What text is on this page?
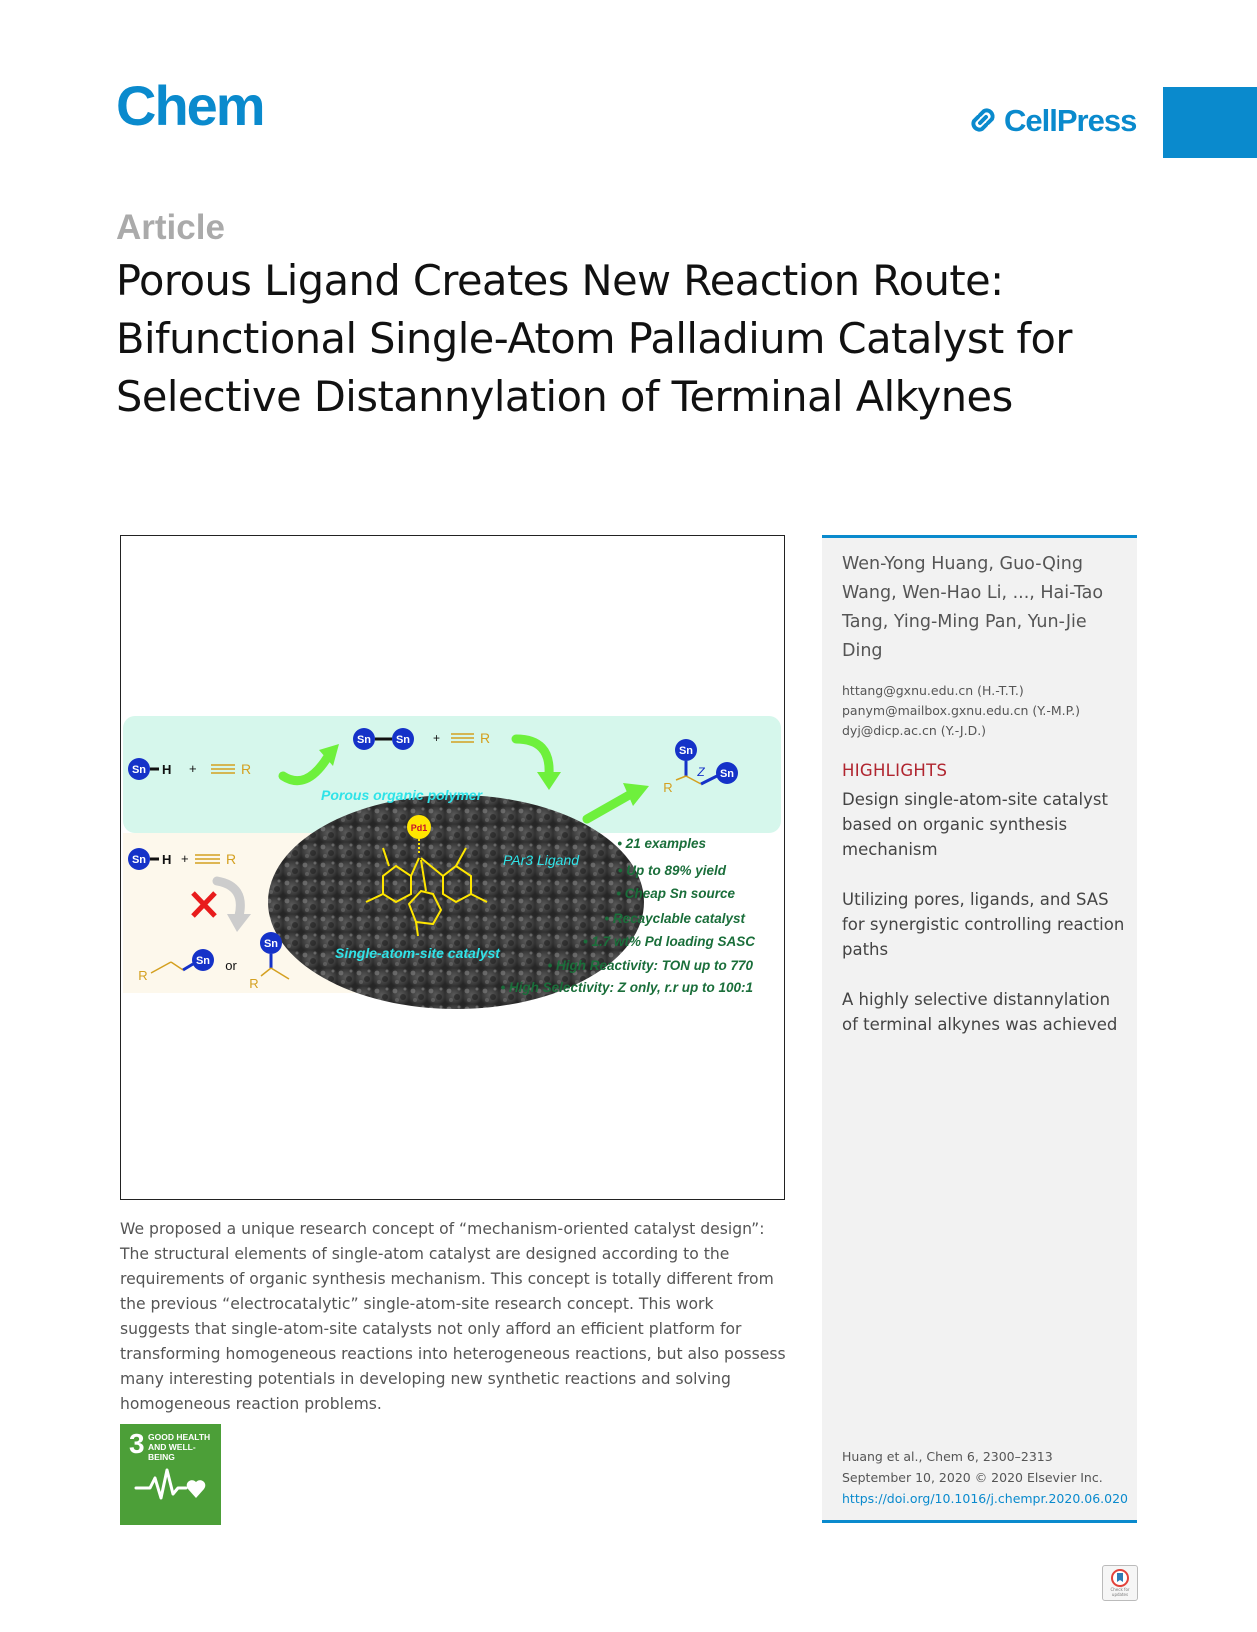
Chem	CellPress
Article
Porous Ligand Creates New Reaction Route: Bifunctional Single-Atom Palladium Catalyst for Selective Distannylation of Terminal Alkynes
Sn H +	R
Sn Sn +	R
Sn
Sn
R
Z
Sn H +	R
R
Sn or
Sn
R
Pd1
Porous organic polymer
PAr3 Ligand
Single-atom-site catalyst
• 21 examples
• Up to 89% yield
• Cheap Sn source
• Recayclable catalyst
• 1.7 wt% Pd loading SASC
• High Reactivity: TON up to 770
• High Selectivity: Z only, r.r up to 100:1

Wen-Yong Huang, Guo-Qing Wang, Wen-Hao Li, ..., Hai-Tao Tang, Ying-Ming Pan, Yun-Jie Ding

httang@gxnu.edu.cn (H.-T.T.)
panym@mailbox.gxnu.edu.cn (Y.-M.P.)
dyj@dicp.ac.cn (Y.-J.D.)
HIGHLIGHTS

Design single-atom-site catalyst based on organic synthesis mechanism

Utilizing pores, ligands, and SAS for synergistic controlling reaction paths

A highly selective distannylation of terminal alkynes was achieved

Huang et al., Chem 6, 2300–2313
September 10, 2020 © 2020 Elsevier Inc.
https://doi.org/10.1016/j.chempr.2020.06.020

We proposed a unique research concept of “mechanism-oriented catalyst design”: The structural elements of single-atom catalyst are designed according to the requirements of organic synthesis mechanism. This concept is totally different from the previous “electrocatalytic” single-atom-site research concept. This work suggests that single-atom-site catalysts not only afford an efficient platform for transforming homogeneous reactions into heterogeneous reactions, but also possess many interesting potentials in developing new synthetic reactions and solving homogeneous reaction problems.

3 GOOD HEALTH AND WELL-BEING
Check for updates
